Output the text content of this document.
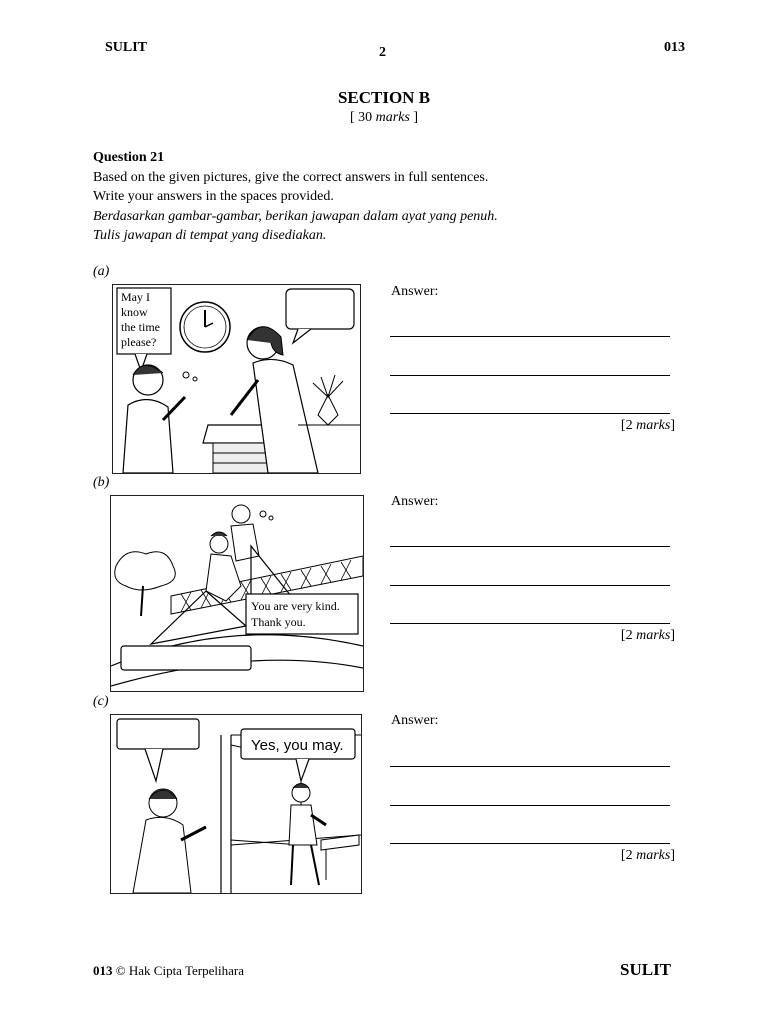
SULIT	2	013
SECTION B
[ 30 marks ]
Question 21
Based on the given pictures, give the correct answers in full sentences.
Write your answers in the spaces provided.
Berdasarkan gambar-gambar, berikan jawapan dalam ayat yang penuh.
Tulis jawapan di tempat yang disediakan.
(a)
May I
know
the time
please?
Answer:
[2 marks]
(b)
You are very kind.
Thank you.
Answer:
[2 marks]
(c)
Yes, you may.
Answer:
[2 marks]
013 © Hak Cipta Terpelihara	SULIT
